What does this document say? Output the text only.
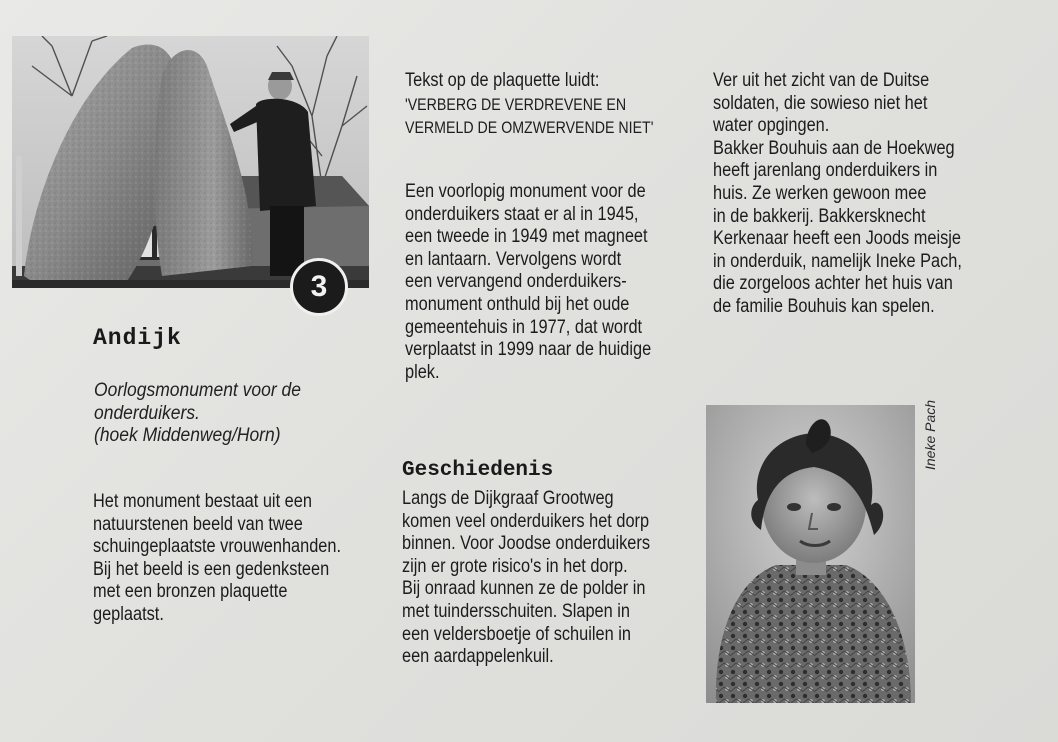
3
Andijk
Oorlogsmonument voor de
onderduikers.
(hoek Middenweg/Horn)
Het monument bestaat uit een
natuurstenen beeld van twee
schuingeplaatste vrouwenhanden.
Bij het beeld is een gedenksteen
met een bronzen plaquette
geplaatst.
Tekst op de plaquette luidt:
'VERBERG DE VERDREVENE EN
VERMELD DE OMZWERVENDE NIET'
Een voorlopig monument voor de
onderduikers staat er al in 1945,
een tweede in 1949 met magneet
en lantaarn. Vervolgens wordt
een vervangend onderduikers-
monument onthuld bij het oude
gemeentehuis in 1977, dat wordt
verplaatst in 1999 naar de huidige
plek.
Geschiedenis
Langs de Dijkgraaf Grootweg
komen veel onderduikers het dorp
binnen. Voor Joodse onderduikers
zijn er grote risico's in het dorp.
Bij onraad kunnen ze de polder in
met tuindersschuiten. Slapen in
een veldersboetje of schuilen in
een aardappelenkuil.
Ver uit het zicht van de Duitse
soldaten, die sowieso niet het
water opgingen.
Bakker Bouhuis aan de Hoekweg
heeft jarenlang onderduikers in
huis. Ze werken gewoon mee
in de bakkerij. Bakkersknecht
Kerkenaar heeft een Joods meisje
in onderduik, namelijk Ineke Pach,
die zorgeloos achter het huis van
de familie Bouhuis kan spelen.
Ineke Pach
